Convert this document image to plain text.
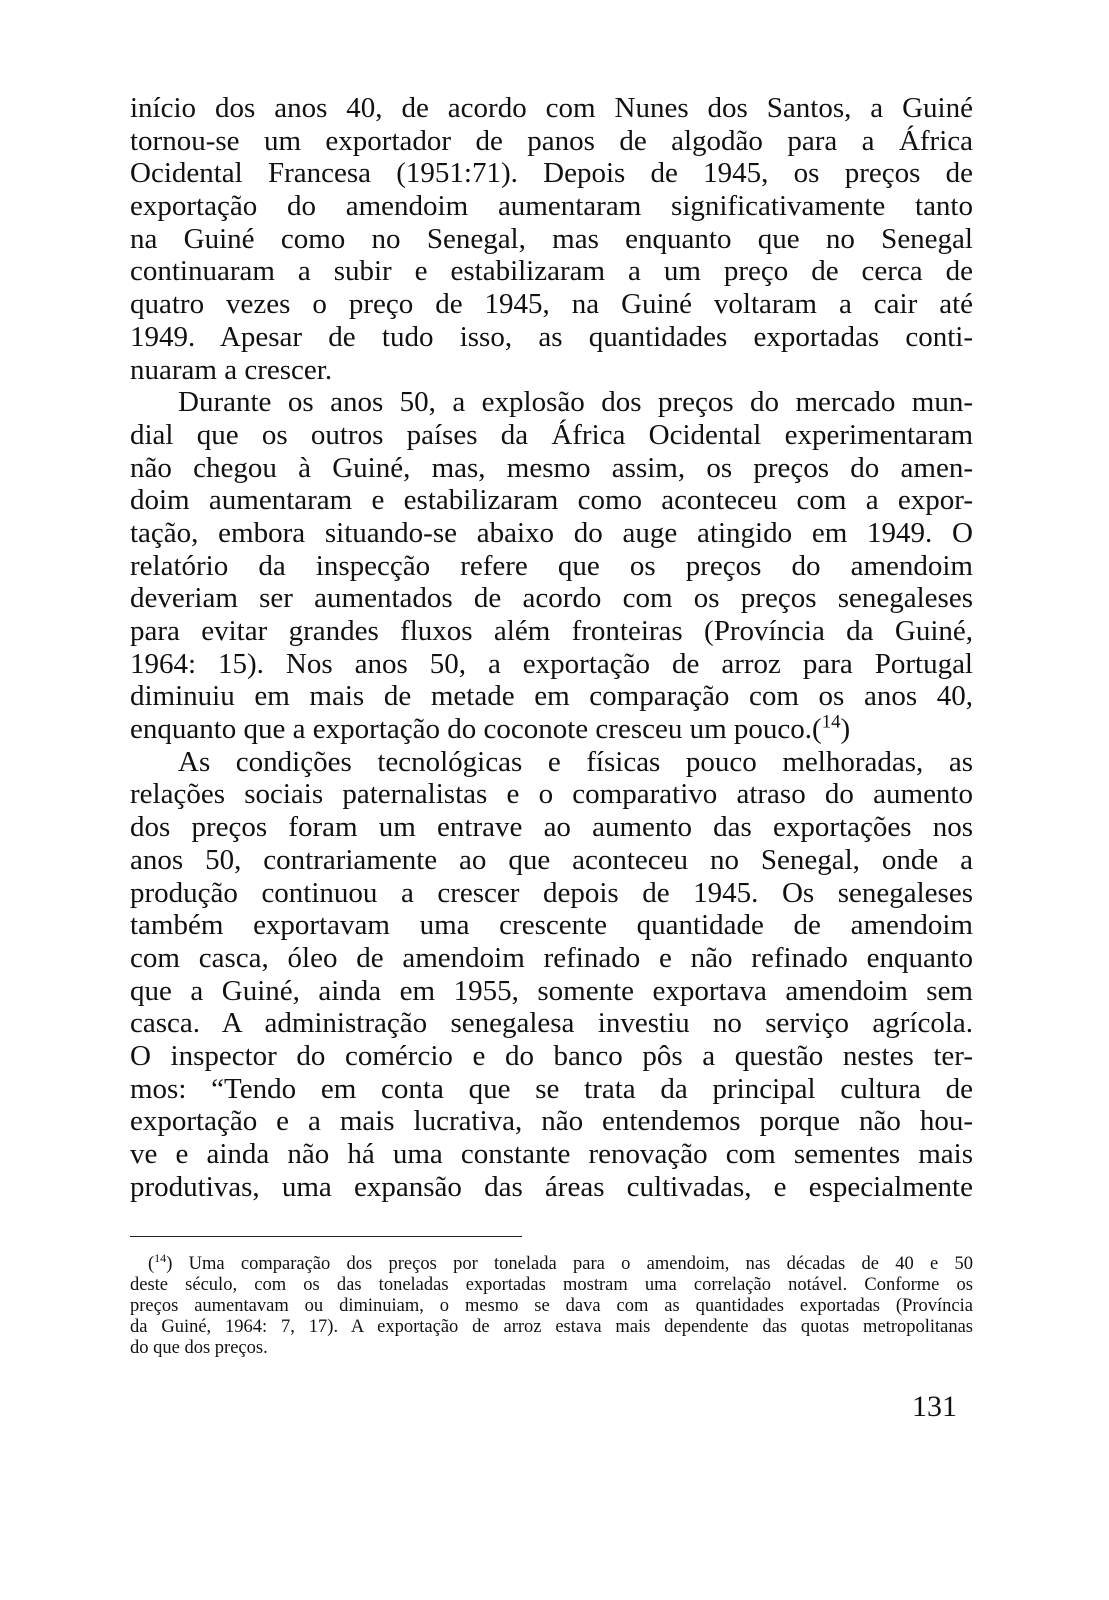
início dos anos 40, de acordo com Nunes dos Santos, a Guiné
tornou-se um exportador de panos de algodão para a África
Ocidental Francesa (1951:71). Depois de 1945, os preços de
exportação do amendoim aumentaram significativamente tanto
na Guiné como no Senegal, mas enquanto que no Senegal
continuaram a subir e estabilizaram a um preço de cerca de
quatro vezes o preço de 1945, na Guiné voltaram a cair até
1949. Apesar de tudo isso, as quantidades exportadas conti-
nuaram a crescer.
Durante os anos 50, a explosão dos preços do mercado mun-
dial que os outros países da África Ocidental experimentaram
não chegou à Guiné, mas, mesmo assim, os preços do amen-
doim aumentaram e estabilizaram como aconteceu com a expor-
tação, embora situando-se abaixo do auge atingido em 1949. O
relatório da inspecção refere que os preços do amendoim
deveriam ser aumentados de acordo com os preços senegaleses
para evitar grandes fluxos além fronteiras (Província da Guiné,
1964: 15). Nos anos 50, a exportação de arroz para Portugal
diminuiu em mais de metade em comparação com os anos 40,
enquanto que a exportação do coconote cresceu um pouco.($^{14}$)
As condições tecnológicas e físicas pouco melhoradas, as
relações sociais paternalistas e o comparativo atraso do aumento
dos preços foram um entrave ao aumento das exportações nos
anos 50, contrariamente ao que aconteceu no Senegal, onde a
produção continuou a crescer depois de 1945. Os senegaleses
também exportavam uma crescente quantidade de amendoim
com casca, óleo de amendoim refinado e não refinado enquanto
que a Guiné, ainda em 1955, somente exportava amendoim sem
casca. A administração senegalesa investiu no serviço agrícola.
O inspector do comércio e do banco pôs a questão nestes ter-
mos: “Tendo em conta que se trata da principal cultura de
exportação e a mais lucrativa, não entendemos porque não hou-
ve e ainda não há uma constante renovação com sementes mais
produtivas, uma expansão das áreas cultivadas, e especialmente
($^{14}$) Uma comparação dos preços por tonelada para o amendoim, nas décadas de 40 e 50
deste século, com os das toneladas exportadas mostram uma correlação notável. Conforme os
preços aumentavam ou diminuiam, o mesmo se dava com as quantidades exportadas (Província
da Guiné, 1964: 7, 17). A exportação de arroz estava mais dependente das quotas metropolitanas
do que dos preços.
131
